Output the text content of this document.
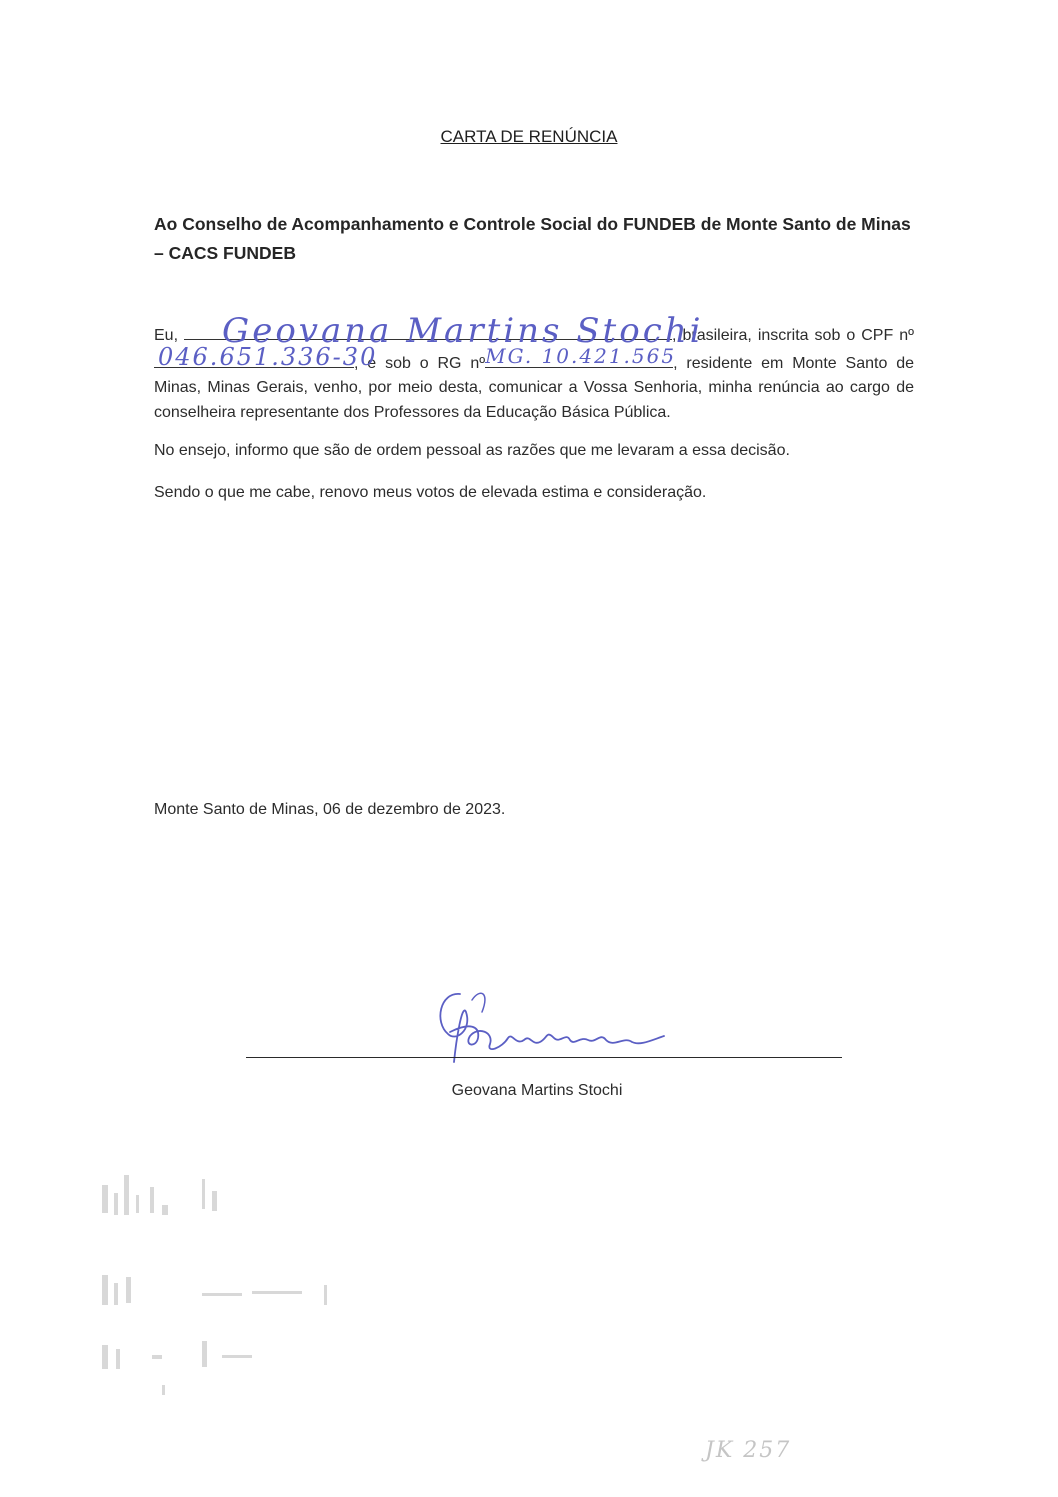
CARTA DE RENÚNCIA
Ao Conselho de Acompanhamento e Controle Social do FUNDEB de Monte Santo de Minas – CACS FUNDEB
Eu, Geovana Martins Stochi
, brasileira, inscrita sob o CPF nº
046.651.336-30
, e sob o RG nº MG. 10.421.565
, residente em Monte Santo de Minas, Minas Gerais, venho, por meio desta, comunicar a Vossa Senhoria, minha renúncia ao cargo de conselheira representante dos Professores da Educação Básica Pública.
No ensejo, informo que são de ordem pessoal as razões que me levaram a essa decisão.
Sendo o que me cabe, renovo meus votos de elevada estima e consideração.
Monte Santo de Minas, 06 de dezembro de 2023.
Geovana Martins Stochi
JK 257
